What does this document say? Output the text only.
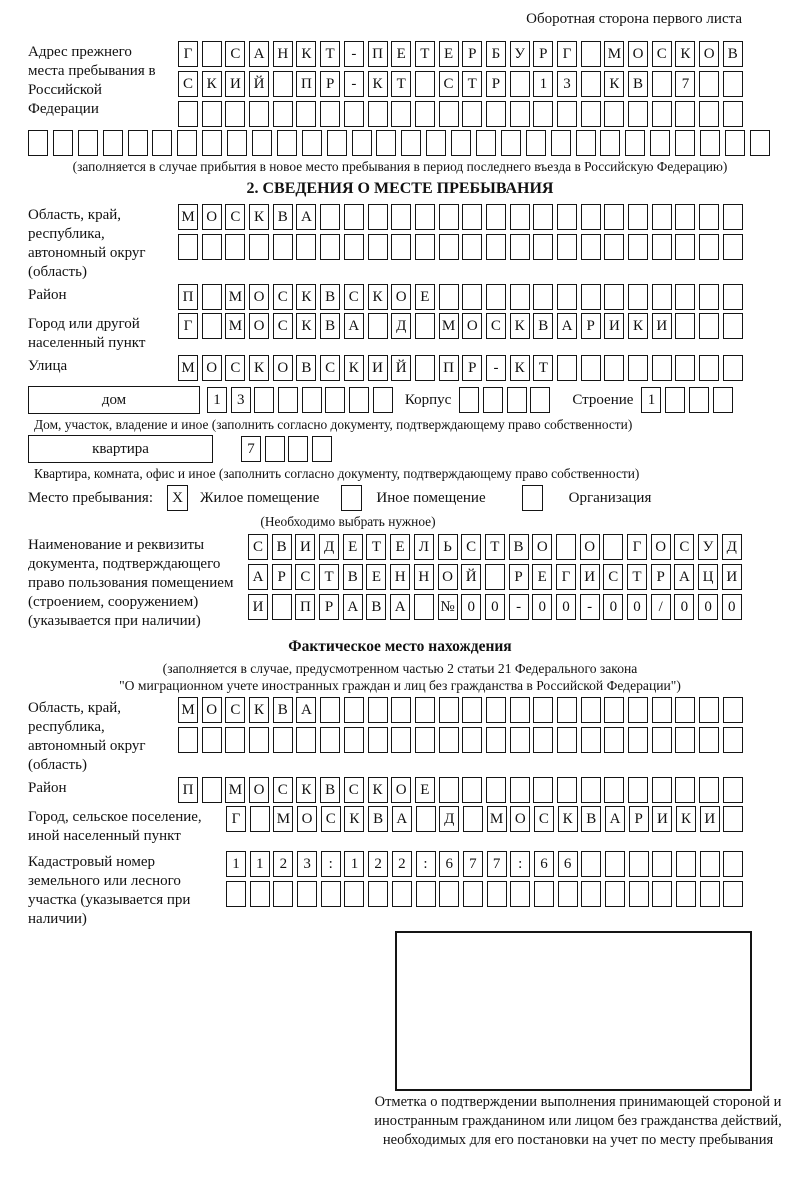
Оборотная сторона первого листа
Адрес прежнего места пребывания в Российской Федерации
Г	С А Н К Т	-	П Е Т Е Р	Б У Р	Г	М О С К О В
С К И Й	П Р	-	К Т	С Т Р	1	3	К В	7
(заполняется в случае прибытия в новое место пребывания в период последнего въезда в Российскую Федерацию)
2. СВЕДЕНИЯ О МЕСТЕ ПРЕБЫВАНИЯ
Область, край, республика, автономный округ (область)
М О С К В А
Район	П	М О С К В С К О Е
Город или другой населенный пункт
Г	М О С К В А	Д	М О С К В А Р И К И
Улица	М О С К О В С К И Й	П Р	-	К Т
дом	1	3	Корпус	Строение 1
Дом, участок, владение и иное (заполнить согласно документу, подтверждающему право собственности)
квартира	7
Квартира, комната, офис и иное (заполнить согласно документу, подтверждающему право собственности)
Место пребывания:	X	Жилое помещение	Иное помещение	Организация
(Необходимо выбрать нужное)
Наименование и реквизиты документа, подтверждающего право пользования помещением (строением, сооружением) (указывается при наличии)
С В И Д Е Т Е Л Ь С Т В О	О	Г О С У Д
А Р С Т В Е Н Н О Й	Р Е Г И С Т Р А Ц И
И	П Р А В А	№ 0	0	-	0	0	-	0	0	/	0	0	0
Фактическое место нахождения
(заполняется в случае, предусмотренном частью 2 статьи 21 Федерального закона
"О миграционном учете иностранных граждан и лиц без гражданства в Российской Федерации")
Область, край, республика, автономный округ (область)
М О С К В А
Район	П	М О С К В С К О Е
Город, сельское поселение, иной населенный пункт
Г	М О С К В А	Д	М О С К В А Р И К И
Кадастровый номер земельного или лесного участка (указывается при наличии)
1	1	2	3	:	1	2	2	:	6	7	7	:	6	6
Отметка о подтверждении выполнения принимающей стороной и иностранным гражданином или лицом без гражданства действий, необходимых для его постановки на учет по месту пребывания
